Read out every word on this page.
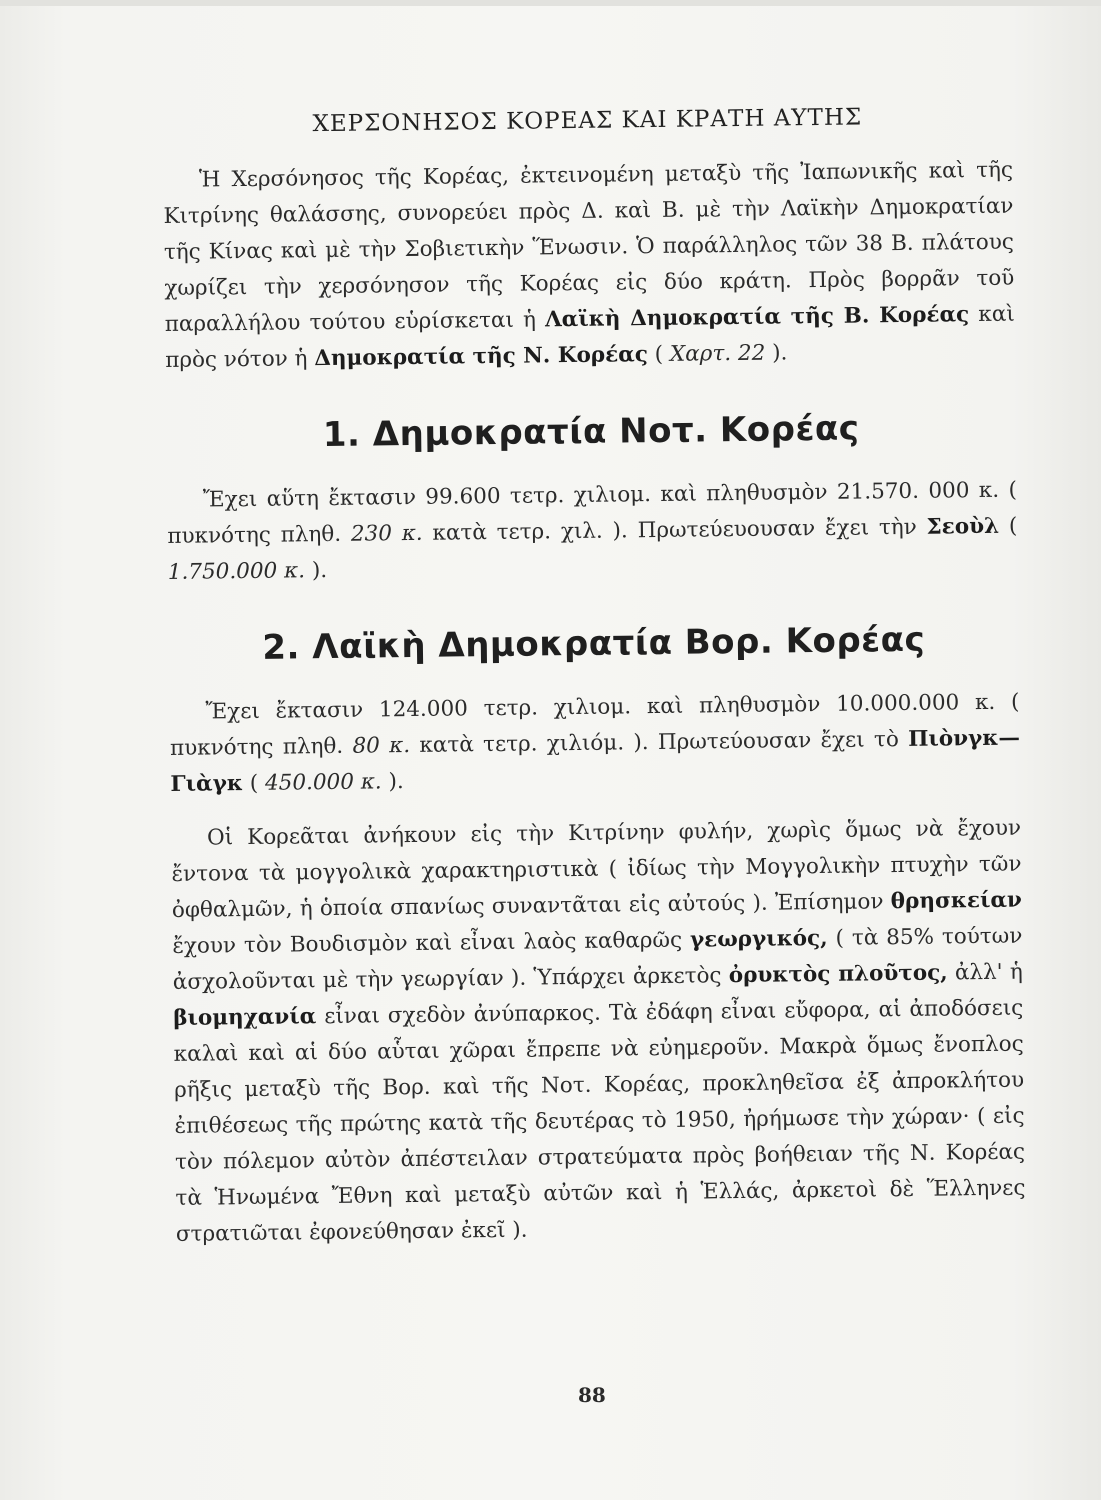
ΧΕΡΣΟΝΗΣΟΣ ΚΟΡΕΑΣ ΚΑΙ ΚΡΑΤΗ ΑΥΤΗΣ

Ἡ Χερσόνησος τῆς Κορέας, ἐκτεινομένη μεταξὺ τῆς Ἰαπωνικῆς καὶ τῆς Κιτρίνης θαλάσσης, συνορεύει πρὸς Δ. καὶ Β. μὲ τὴν Λαϊκὴν Δημοκρατίαν τῆς Κίνας καὶ μὲ τὴν Σοβιετικὴν Ἕνωσιν. Ὁ παράλληλος τῶν 38 Β. πλάτους χωρίζει τὴν χερσόνησον τῆς Κορέας εἰς δύο κράτη. Πρὸς βορρᾶν τοῦ παραλλήλου τούτου εὑρίσκεται ἡ Λαϊκὴ Δημοκρατία τῆς Β. Κορέας καὶ πρὸς νότον ἡ Δημοκρατία τῆς Ν. Κορέας ( Χαρτ. 22 ).

1. Δημοκρατία Νοτ. Κορέας

Ἔχει αὕτη ἔκτασιν 99.600 τετρ. χιλιομ. καὶ πληθυσμὸν 21.570. 000 κ. ( πυκνότης πληθ. 230 κ. κατὰ τετρ. χιλ. ). Πρωτεύευουσαν ἔχει τὴν Σεοὺλ ( 1.750.000 κ. ).

2. Λαϊκὴ Δημοκρατία Βορ. Κορέας

Ἔχει ἔκτασιν 124.000 τετρ. χιλιομ. καὶ πληθυσμὸν 10.000.000 κ. ( πυκνότης πληθ. 80 κ. κατὰ τετρ. χιλιόμ. ). Πρωτεύουσαν ἔχει τὸ Πιὸνγκ—Γιὰγκ ( 450.000 κ. ).

Οἱ Κορεᾶται ἀνήκουν εἰς τὴν Κιτρίνην φυλήν, χωρὶς ὅμως νὰ ἔχουν ἔντονα τὰ μογγολικὰ χαρακτηριστικὰ ( ἰδίως τὴν Μογγολικὴν πτυχὴν τῶν ὀφθαλμῶν, ἡ ὁποία σπανίως συναντᾶται εἰς αὐτούς ). Ἐπίσημον θρησκείαν ἔχουν τὸν Βουδισμὸν καὶ εἶναι λαὸς καθαρῶς γεωργικός, ( τὰ 85% τούτων ἀσχολοῦνται μὲ τὴν γεωργίαν ). Ὑπάρχει ἀρκετὸς ὀρυκτὸς πλοῦτος, ἀλλ' ἡ βιομηχανία εἶναι σχεδὸν ἀνύπαρκος. Τὰ ἐδάφη εἶναι εὔφορα, αἱ ἀποδόσεις καλαὶ καὶ αἱ δύο αὗται χῶραι ἔπρεπε νὰ εὐημεροῦν. Μακρὰ ὅμως ἔνοπλος ρῆξις μεταξὺ τῆς Βορ. καὶ τῆς Νοτ. Κορέας, προκληθεῖσα ἐξ ἀπροκλήτου ἐπιθέσεως τῆς πρώτης κατὰ τῆς δευτέρας τὸ 1950, ἠρήμωσε τὴν χώραν· ( εἰς τὸν πόλεμον αὐτὸν ἀπέστειλαν στρατεύματα πρὸς βοήθειαν τῆς Ν. Κορέας τὰ Ἡνωμένα Ἔθνη καὶ μεταξὺ αὐτῶν καὶ ἡ Ἑλλάς, ἀρκετοὶ δὲ Ἕλληνες στρατιῶται ἐφονεύθησαν ἐκεῖ ).

88
